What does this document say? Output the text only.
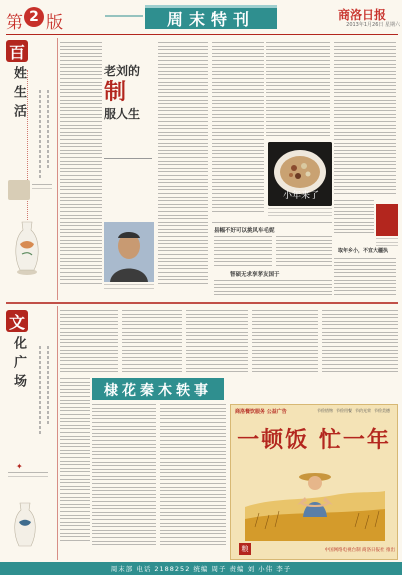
第 2 版	周末特刊	商洛日报
2013年1月26日 星期六
百
姓生活	老刘的
制
服人生
小年来了
县幅不好可以挑风车毛妮
智硕无求享茅友国于
取年乡小，不宜大疆执
文
化广场
✦
棣花秦木轶事
商洛餐饮服务 公益广告	节俭惜物 节俭用餐 节约光荣 节俭美德
一顿饭 忙一年
粮	中国网络电视台制 商洛日报社 推出
周末部 电话 2188252 统编 周子 责编 刘 小伟 李子
